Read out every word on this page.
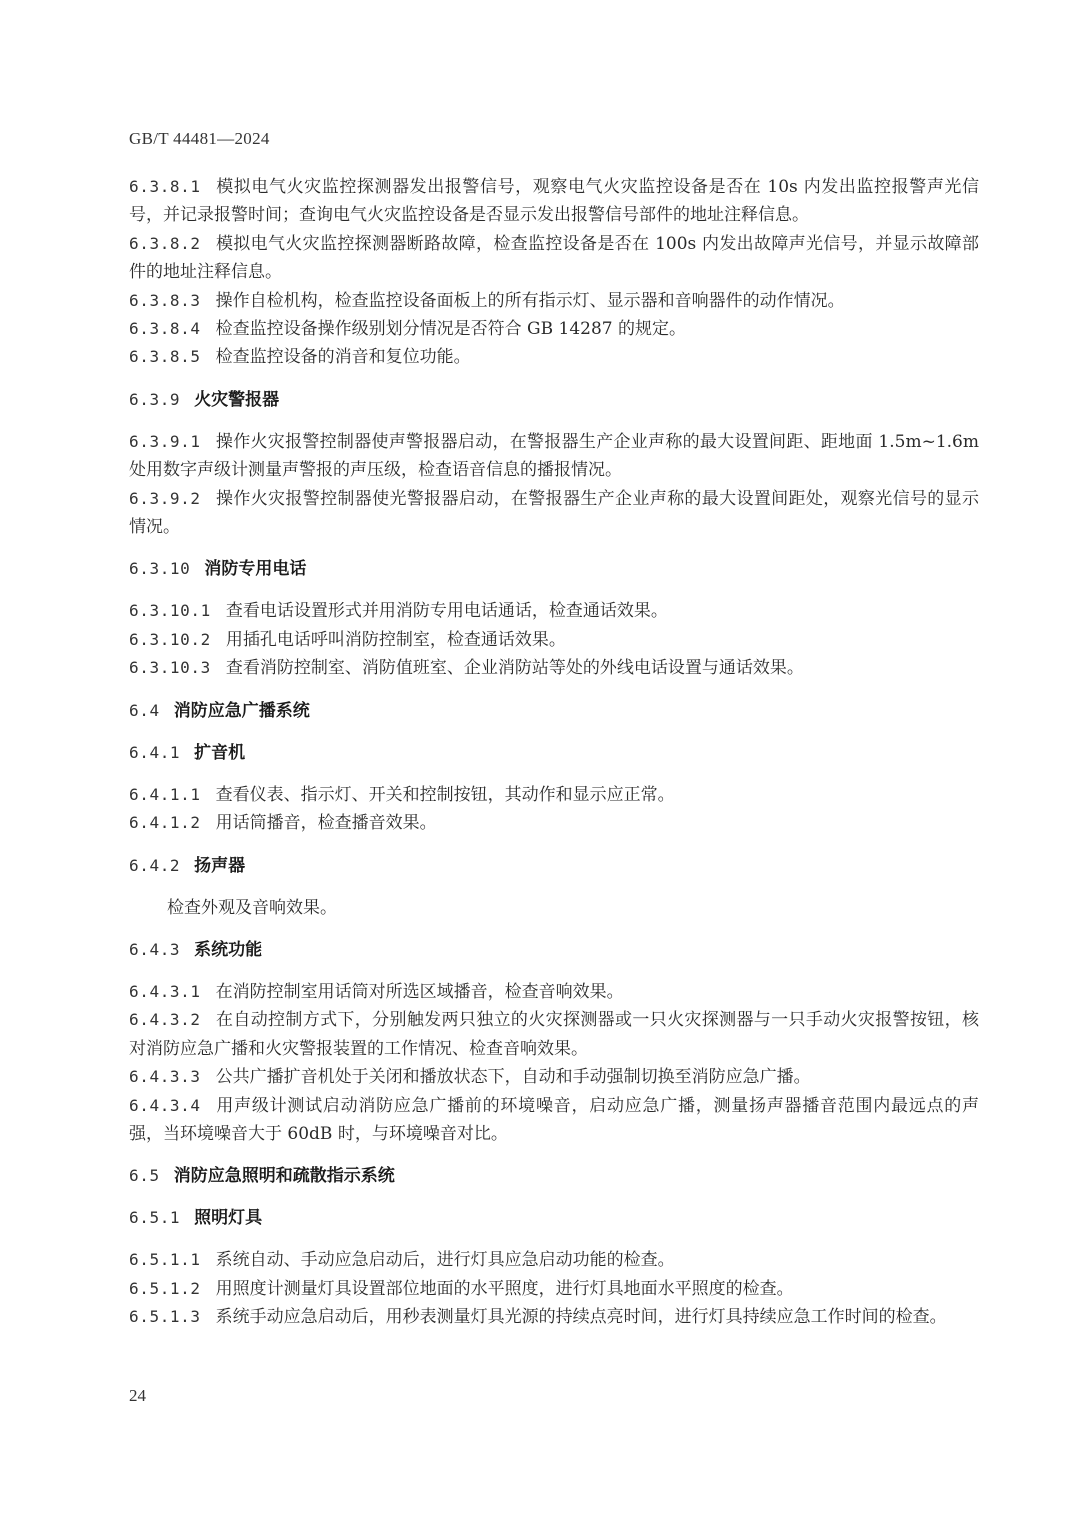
GB/T 44481—2024

6.3.8.1 模拟电气火灾监控探测器发出报警信号，观察电气火灾监控设备是否在 10s 内发出监控报警声光信号，并记录报警时间；查询电气火灾监控设备是否显示发出报警信号部件的地址注释信息。

6.3.8.2 模拟电气火灾监控探测器断路故障，检查监控设备是否在 100s 内发出故障声光信号，并显示故障部件的地址注释信息。

6.3.8.3 操作自检机构，检查监控设备面板上的所有指示灯、显示器和音响器件的动作情况。

6.3.8.4 检查监控设备操作级别划分情况是否符合 GB 14287 的规定。

6.3.8.5 检查监控设备的消音和复位功能。

6.3.9 火灾警报器

6.3.9.1 操作火灾报警控制器使声警报器启动，在警报器生产企业声称的最大设置间距、距地面 1.5m~1.6m 处用数字声级计测量声警报的声压级，检查语音信息的播报情况。

6.3.9.2 操作火灾报警控制器使光警报器启动，在警报器生产企业声称的最大设置间距处，观察光信号的显示情况。

6.3.10 消防专用电话

6.3.10.1 查看电话设置形式并用消防专用电话通话，检查通话效果。

6.3.10.2 用插孔电话呼叫消防控制室，检查通话效果。

6.3.10.3 查看消防控制室、消防值班室、企业消防站等处的外线电话设置与通话效果。

6.4 消防应急广播系统

6.4.1 扩音机

6.4.1.1 查看仪表、指示灯、开关和控制按钮，其动作和显示应正常。

6.4.1.2 用话筒播音，检查播音效果。

6.4.2 扬声器

检查外观及音响效果。

6.4.3 系统功能

6.4.3.1 在消防控制室用话筒对所选区域播音，检查音响效果。

6.4.3.2 在自动控制方式下，分别触发两只独立的火灾探测器或一只火灾探测器与一只手动火灾报警按钮，核对消防应急广播和火灾警报装置的工作情况、检查音响效果。

6.4.3.3 公共广播扩音机处于关闭和播放状态下，自动和手动强制切换至消防应急广播。

6.4.3.4 用声级计测试启动消防应急广播前的环境噪音，启动应急广播，测量扬声器播音范围内最远点的声强，当环境噪音大于 60dB 时，与环境噪音对比。

6.5 消防应急照明和疏散指示系统

6.5.1 照明灯具

6.5.1.1 系统自动、手动应急启动后，进行灯具应急启动功能的检查。

6.5.1.2 用照度计测量灯具设置部位地面的水平照度，进行灯具地面水平照度的检查。

6.5.1.3 系统手动应急启动后，用秒表测量灯具光源的持续点亮时间，进行灯具持续应急工作时间的检查。

24
